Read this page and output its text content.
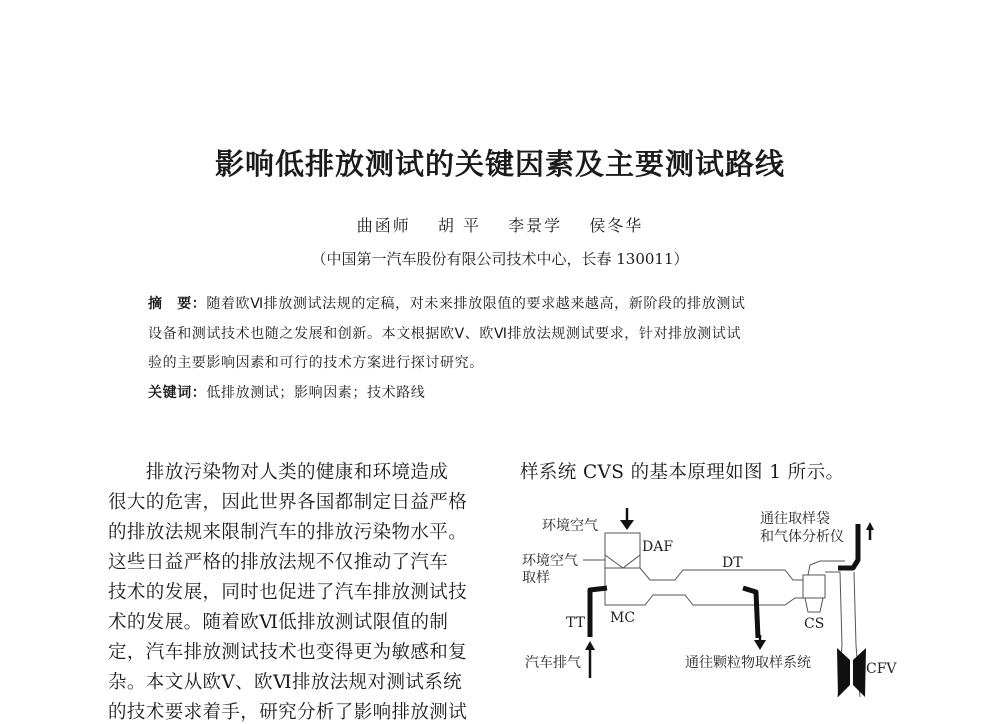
影响低排放测试的关键因素及主要测试路线
曲函师 胡 平 李景学 侯冬华
（中国第一汽车股份有限公司技术中心，长春 130011）
摘　要：随着欧Ⅵ排放测试法规的定稿，对未来排放限值的要求越来越高，新阶段的排放测试
设备和测试技术也随之发展和创新。本文根据欧Ⅴ、欧Ⅵ排放法规测试要求，针对排放测试试
验的主要影响因素和可行的技术方案进行探讨研究。
关键词：低排放测试；影响因素；技术路线
　　排放污染物对人类的健康和环境造成
很大的危害，因此世界各国都制定日益严格
的排放法规来限制汽车的排放污染物水平。
这些日益严格的排放法规不仅推动了汽车
技术的发展，同时也促进了汽车排放测试技
术的发展。随着欧Ⅵ低排放测试限值的制
定，汽车排放测试技术也变得更为敏感和复
杂。本文从欧Ⅴ、欧Ⅵ排放法规对测试系统
的技术要求着手，研究分析了影响排放测试
样系统 CVS 的基本原理如图 1 所示。
环境空气
DAF
环境空气
取样
DT
MC
TT	CS
CFV
汽车排气	通往颗粒物取样系统
通往取样袋
和气体分析仪
